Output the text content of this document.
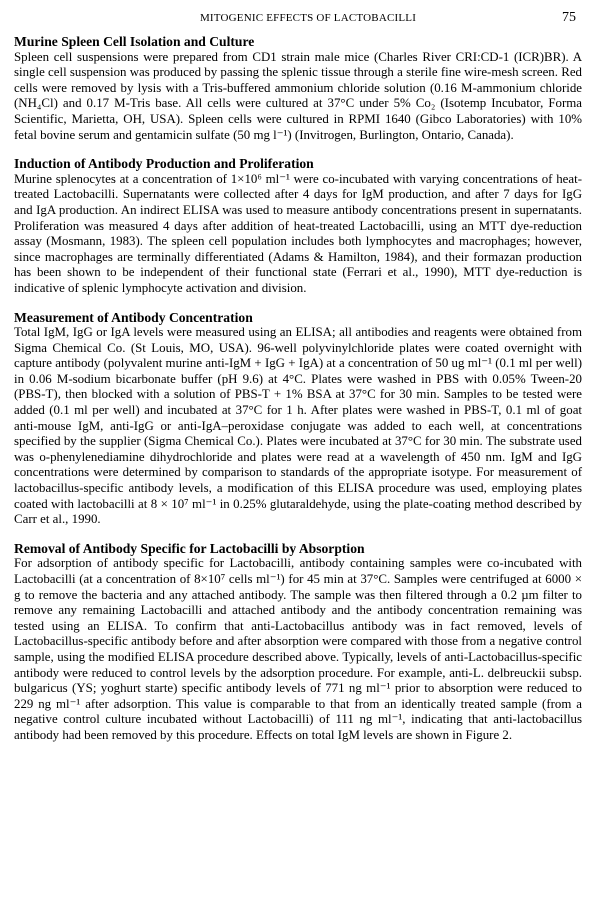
MITOGENIC EFFECTS OF LACTOBACILLI	75
Murine Spleen Cell Isolation and Culture

Spleen cell suspensions were prepared from CD1 strain male mice (Charles River CRI:CD-1 (ICR)BR). A single cell suspension was produced by passing the splenic tissue through a sterile fine wire-mesh screen. Red cells were removed by lysis with a Tris-buffered ammonium chloride solution (0.16 M-ammonium chloride (NH₄Cl) and 0.17 M-Tris base. All cells were cultured at 37°C under 5% Co₂ (Isotemp Incubator, Forma Scientific, Marietta, OH, USA). Spleen cells were cultured in RPMI 1640 (Gibco Laboratories) with 10% fetal bovine serum and gentamicin sulfate (50 mg l⁻¹) (Invitrogen, Burlington, Ontario, Canada).

Induction of Antibody Production and Proliferation

Murine splenocytes at a concentration of 1×10⁶ ml⁻¹ were co-incubated with varying concentrations of heat-treated Lactobacilli. Supernatants were collected after 4 days for IgM production, and after 7 days for IgG and IgA production. An indirect ELISA was used to measure antibody concentrations present in supernatants. Proliferation was measured 4 days after addition of heat-treated Lactobacilli, using an MTT dye-reduction assay (Mosmann, 1983). The spleen cell population includes both lymphocytes and macrophages; however, since macrophages are terminally differentiated (Adams & Hamilton, 1984), and their formazan production has been shown to be independent of their functional state (Ferrari et al., 1990), MTT dye-reduction is indicative of splenic lymphocyte activation and division.

Measurement of Antibody Concentration

Total IgM, IgG or IgA levels were measured using an ELISA; all antibodies and reagents were obtained from Sigma Chemical Co. (St Louis, MO, USA). 96-well polyvinylchloride plates were coated overnight with capture antibody (polyvalent murine anti-IgM + IgG + IgA) at a concentration of 50 ug ml⁻¹ (0.1 ml per well) in 0.06 M-sodium bicarbonate buffer (pH 9.6) at 4°C. Plates were washed in PBS with 0.05% Tween-20 (PBS-T), then blocked with a solution of PBS-T + 1% BSA at 37°C for 30 min. Samples to be tested were added (0.1 ml per well) and incubated at 37°C for 1 h. After plates were washed in PBS-T, 0.1 ml of goat anti-mouse IgM, anti-IgG or anti-IgA–peroxidase conjugate was added to each well, at concentrations specified by the supplier (Sigma Chemical Co.). Plates were incubated at 37°C for 30 min. The substrate used was o-phenylenediamine dihydrochloride and plates were read at a wavelength of 450 nm. IgM and IgG concentrations were determined by comparison to standards of the appropriate isotype. For measurement of lactobacillus-specific antibody levels, a modification of this ELISA procedure was used, employing plates coated with lactobacilli at 8 × 10⁷ ml⁻¹ in 0.25% glutaraldehyde, using the plate-coating method described by Carr et al., 1990.

Removal of Antibody Specific for Lactobacilli by Absorption

For adsorption of antibody specific for Lactobacilli, antibody containing samples were co-incubated with Lactobacilli (at a concentration of 8×10⁷ cells ml⁻¹) for 45 min at 37°C. Samples were centrifuged at 6000 × g to remove the bacteria and any attached antibody. The sample was then filtered through a 0.2 µm filter to remove any remaining Lactobacilli and attached antibody and the antibody concentration remaining was tested using an ELISA. To confirm that anti-Lactobacillus antibody was in fact removed, levels of Lactobacillus-specific antibody before and after absorption were compared with those from a negative control sample, using the modified ELISA procedure described above. Typically, levels of anti-Lactobacillus-specific antibody were reduced to control levels by the adsorption procedure. For example, anti-L. delbreuckii subsp. bulgaricus (YS; yoghurt starte) specific antibody levels of 771 ng ml⁻¹ prior to absorption were reduced to 229 ng ml⁻¹ after adsorption. This value is comparable to that from an identically treated sample (from a negative control culture incubated without Lactobacilli) of 111 ng ml⁻¹, indicating that anti-lactobacillus antibody had been removed by this procedure. Effects on total IgM levels are shown in Figure 2.
